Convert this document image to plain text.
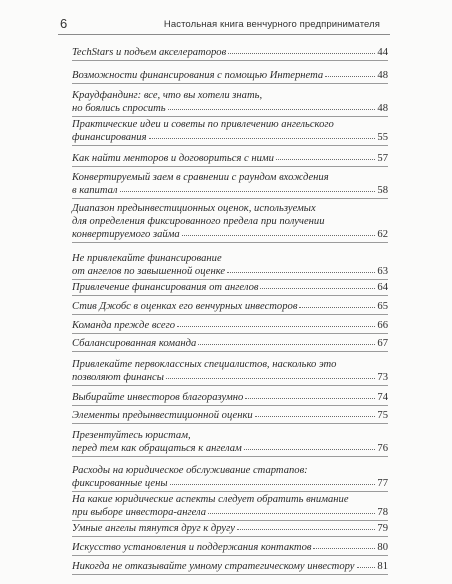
6	Настольная книга венчурного предпринимателя
TechStars и подъем акселераторов	44
Возможности финансирования с помощью Интернета	48
Краудфандинг: все, что вы хотели знать,
но боялись спросить	48
Практические идеи и советы по привлечению ангельского
финансирования	55
Как найти менторов и договориться с ними	57
Конвертируемый заем в сравнении с раундом вхождения
в капитал	58
Диапазон предынвестиционных оценок, используемых
для определения фиксированного предела при получении
конвертируемого займа	62
Не привлекайте финансирование
от ангелов по завышенной оценке	63
Привлечение финансирования от ангелов	64
Стив Джобс в оценках его венчурных инвесторов	65
Команда прежде всего	66
Сбалансированная команда	67
Привлекайте первоклассных специалистов, насколько это
позволяют финансы	73
Выбирайте инвесторов благоразумно	74
Элементы предынвестиционной оценки	75
Презентуйтесь юристам,
перед тем как обращаться к ангелам	76
Расходы на юридическое обслуживание стартапов:
фиксированные цены	77
На какие юридические аспекты следует обратить внимание
при выборе инвестора-ангела	78
Умные ангелы тянутся друг к другу	79
Искусство установления и поддержания контактов	80
Никогда не отказывайте умному стратегическому инвестору 81
